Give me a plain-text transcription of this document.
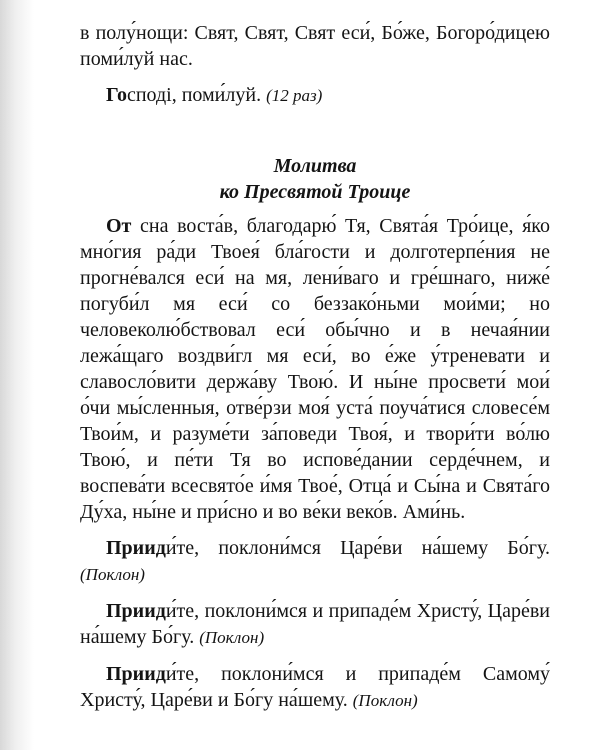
в полу́нощи: Свят, Свят, Свят еси́, Бо́же, Богоро́дицею поми́луй нас.

Господi, поми́луй. (12 раз)

Молитва
ко Пресвятой Троице

От сна воста́в, благодарю́ Тя, Свята́я Тро́ице, я́ко мно́гия ра́ди Твоея́ бла́гости и долготерпе́ния не прогне́вался еси́ на мя, лени́ваго и гре́шнаго, ниже́ погуби́л мя еси́ со беззако́ньми мои́ми; но человеколю́бствовал еси́ обы́чно и в нечая́нии лежа́щаго воздви́гл мя еси́, во е́же у́треневати и славосло́вити держа́ву Твою́. И ны́не просвети́ мои́ о́чи мы́сленныя, отве́рзи моя́ уста́ поуча́тися словесе́м Твои́м, и разуме́ти за́поведи Твоя́, и твори́ти во́лю Твою́, и пе́ти Тя во испове́дании серде́чнем, и воспева́ти всесвято́е и́мя Твое́, Отца́ и Сы́на и Свята́го Ду́ха, ны́не и при́сно и во ве́ки веко́в. Ами́нь.

Прииди́те, поклони́мся Царе́ви на́шему Бо́гу. (Поклон)

Прииди́те, поклони́мся и припаде́м Христу́, Царе́ви на́шему Бо́гу. (Поклон)

Прииди́те, поклони́мся и припаде́м Самому́ Христу́, Царе́ви и Бо́гу на́шему. (Поклон)
